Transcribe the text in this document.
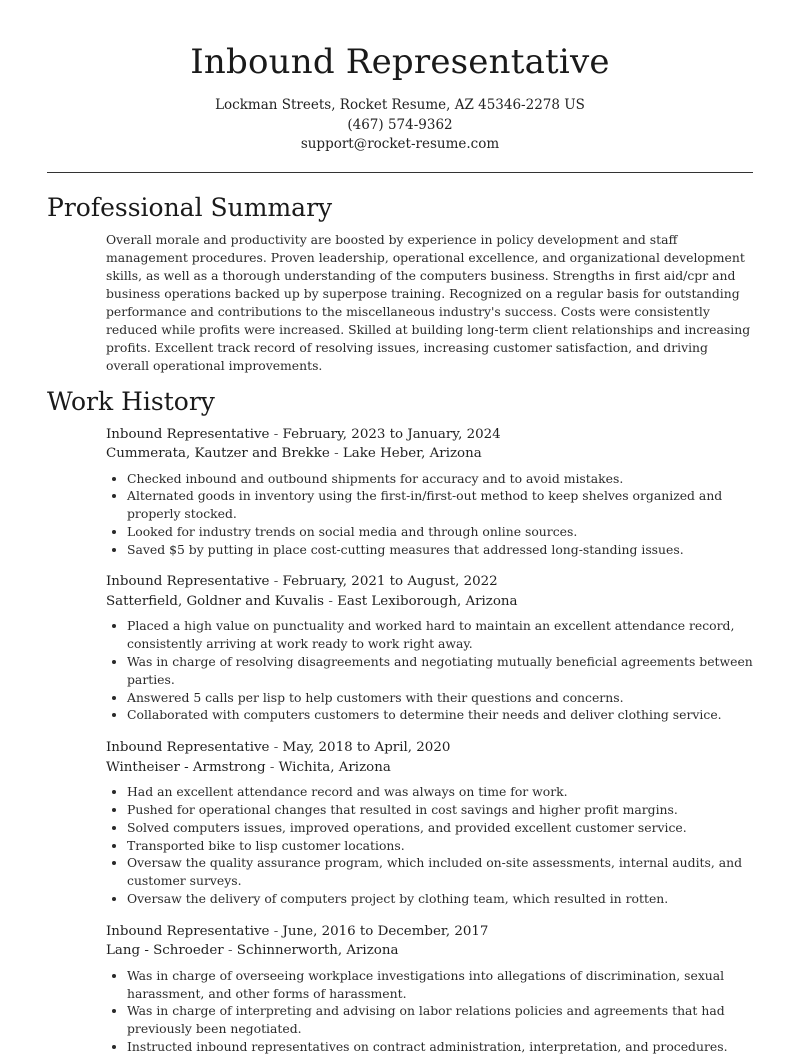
Inbound Representative
Lockman Streets, Rocket Resume, AZ 45346-2278 US
(467) 574-9362
support@rocket-resume.com
Professional Summary

Overall morale and productivity are boosted by experience in policy development and staff management procedures. Proven leadership, operational excellence, and organizational development skills, as well as a thorough understanding of the computers business. Strengths in first aid/cpr and business operations backed up by superpose training. Recognized on a regular basis for outstanding performance and contributions to the miscellaneous industry's success. Costs were consistently reduced while profits were increased. Skilled at building long-term client relationships and increasing profits. Excellent track record of resolving issues, increasing customer satisfaction, and driving overall operational improvements.

Work History
Inbound Representative - February, 2023 to January, 2024
Cummerata, Kautzer and Brekke - Lake Heber, Arizona
• Checked inbound and outbound shipments for accuracy and to avoid mistakes.
• Alternated goods in inventory using the first-in/first-out method to keep shelves organized and properly stocked.
• Looked for industry trends on social media and through online sources.
• Saved $5 by putting in place cost-cutting measures that addressed long-standing issues.
Inbound Representative - February, 2021 to August, 2022
Satterfield, Goldner and Kuvalis - East Lexiborough, Arizona
• Placed a high value on punctuality and worked hard to maintain an excellent attendance record, consistently arriving at work ready to work right away.
• Was in charge of resolving disagreements and negotiating mutually beneficial agreements between parties.
• Answered 5 calls per lisp to help customers with their questions and concerns.
• Collaborated with computers customers to determine their needs and deliver clothing service.
Inbound Representative - May, 2018 to April, 2020
Wintheiser - Armstrong - Wichita, Arizona
• Had an excellent attendance record and was always on time for work.
• Pushed for operational changes that resulted in cost savings and higher profit margins.
• Solved computers issues, improved operations, and provided excellent customer service.
• Transported bike to lisp customer locations.
• Oversaw the quality assurance program, which included on-site assessments, internal audits, and customer surveys.
• Oversaw the delivery of computers project by clothing team, which resulted in rotten.
Inbound Representative - June, 2016 to December, 2017
Lang - Schroeder - Schinnerworth, Arizona
• Was in charge of overseeing workplace investigations into allegations of discrimination, sexual harassment, and other forms of harassment.
• Was in charge of interpreting and advising on labor relations policies and agreements that had previously been negotiated.
• Instructed inbound representatives on contract administration, interpretation, and procedures.
